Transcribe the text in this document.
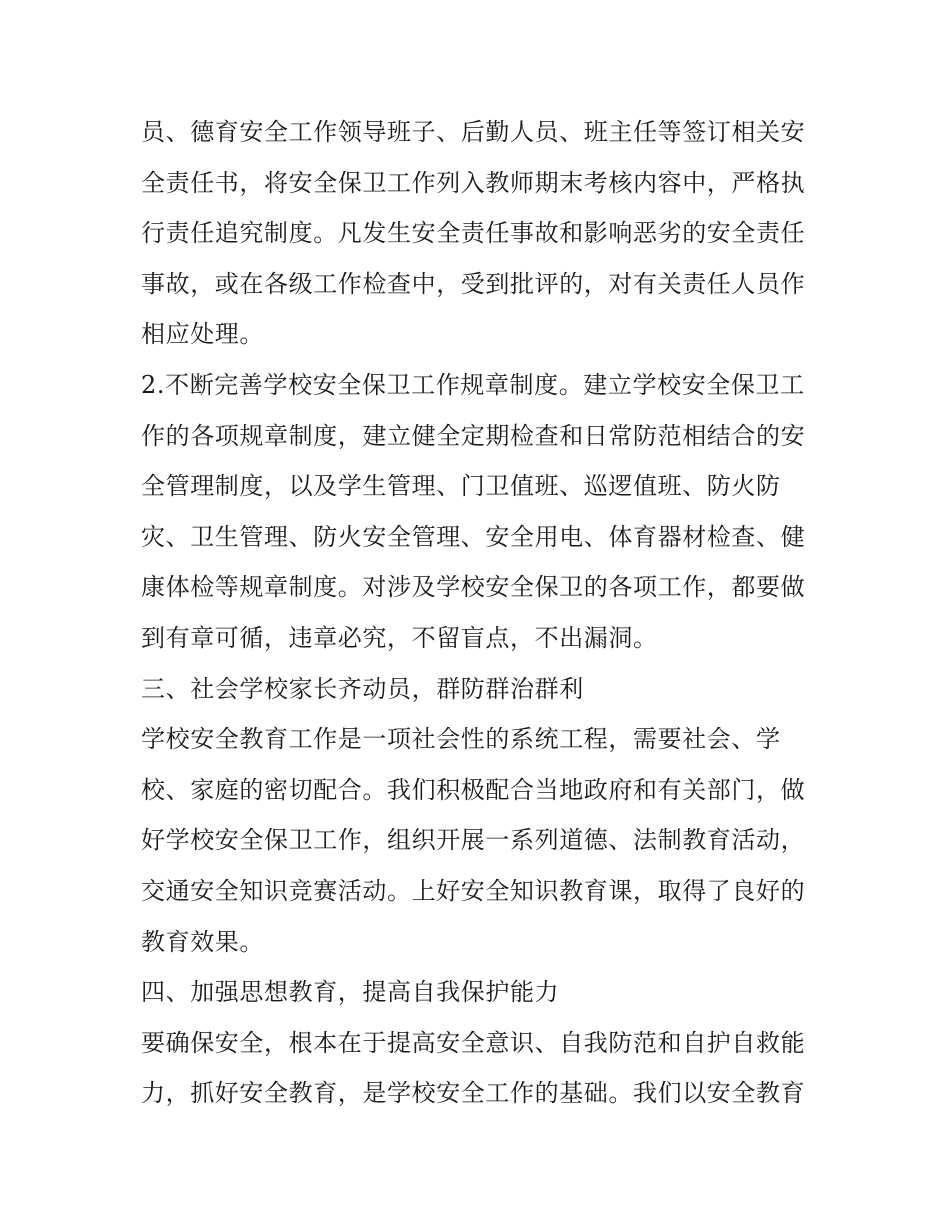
员、德育安全工作领导班子、后勤人员、班主任等签订相关安
全责任书，将安全保卫工作列入教师期末考核内容中，严格执
行责任追究制度。凡发生安全责任事故和影响恶劣的安全责任
事故，或在各级工作检查中，受到批评的，对有关责任人员作
相应处理。
2.不断完善学校安全保卫工作规章制度。建立学校安全保卫工
作的各项规章制度，建立健全定期检查和日常防范相结合的安
全管理制度，以及学生管理、门卫值班、巡逻值班、防火防
灾、卫生管理、防火安全管理、安全用电、体育器材检查、健
康体检等规章制度。对涉及学校安全保卫的各项工作，都要做
到有章可循，违章必究，不留盲点，不出漏洞。
三、社会学校家长齐动员，群防群治群利
学校安全教育工作是一项社会性的系统工程，需要社会、学
校、家庭的密切配合。我们积极配合当地政府和有关部门，做
好学校安全保卫工作，组织开展一系列道德、法制教育活动，
交通安全知识竞赛活动。上好安全知识教育课，取得了良好的
教育效果。
四、加强思想教育，提高自我保护能力
要确保安全，根本在于提高安全意识、自我防范和自护自救能
力，抓好安全教育，是学校安全工作的基础。我们以安全教育
